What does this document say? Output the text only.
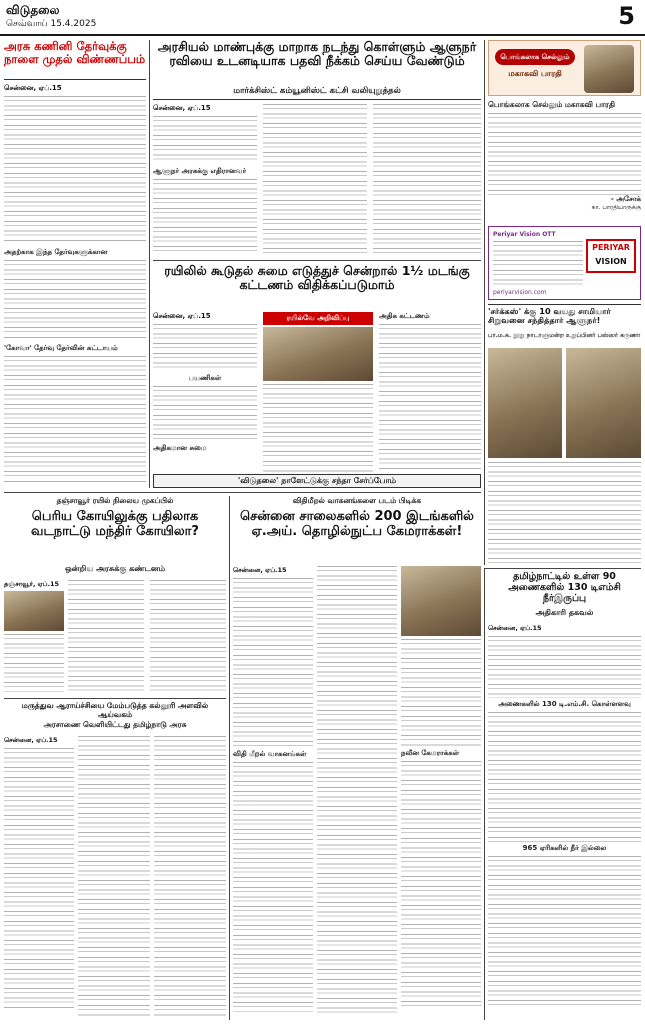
விடுதலை
செவ்வாய் 15.4.2025	5
அரசு கணினி தேர்வுக்கு நாளை முதல் விண்ணப்பம்
சென்னை, ஏப்.15
அதற்காக இந்த தேர்வுகளுக்கான
'கோவா' தேர்வு தேர்வின் கட்டாயம்
அரசியல் மாண்புக்கு மாறாக நடந்து கொள்ளும் ஆளுநர் ரவியை உடனடியாக பதவி நீக்கம் செய்ய வேண்டும்
மார்க்சிஸ்ட் கம்யூனிஸ்ட் கட்சி வலியுறுத்தல்
சென்னை, ஏப்.15
ஆளுநர் அரசுக்கு எதிரானவர்
ரயிலில் கூடுதல் சுமை எடுத்துச் சென்றால் 1½ மடங்கு கட்டணம் விதிக்கப்படுமாம்
சென்னை, ஏப்.15
பயணிகள்
அதிகமான சுமை
ரயில்வே அறிவிப்பு	அதிக கட்டணம்
'விடுதலை' நாளேட்டுக்கு சந்தா சேர்ப்போம்
பொங்கலாக செல்லும்
மகாகவி பாரதி
பொங்கலாக செல்லும் மகாகவி பாரதி
- அசோக்
கா. பாரதியாருக்கு
Periyar Vision OTT
PERIYAR
VISION
periyarvision.com
'சர்க்கஸ்' க்கு 10 வயது சாமியார் சிறுவனை சந்தித்தார் ஆளுநர்!
பா.ம.க. நூறு நாடாளுமன்ற உறுப்பினர் பஸ்ஸர் கருணா
தஞ்சாவூர் ரயில் நிலைய முகப்பில்
பெரிய கோயிலுக்கு பதிலாக வடநாட்டு மந்திர் கோயிலா?
ஒன்றிய அரசுக்கு கண்டனம்
தஞ்சாவூர், ஏப்.15
விதிமீறல் வாகனங்களை படம் பிடிக்க
சென்னை சாலைகளில் 200 இடங்களில் ஏ.அய். தொழில்நுட்ப கேமராக்கள்!
சென்னை, ஏப்.15
விதி மீறல் வாகனங்கள்	நவீன கேமராக்கள்
தமிழ்நாட்டில் உள்ள 90 அணைகளில் 130 டிஎம்சி நீர்இருப்பு
அதிகாரி தகவல்
சென்னை, ஏப்.15
அணைகளில் 130 டி.எம்.சி. கொள்ளளவு
965 ஏரிகளில் நீர் இல்லை
மருத்துவ ஆராய்ச்சியை மேம்படுத்த கல்லூரி அளவில் ஆய்வகம்
அரசாணை வெளியிட்டது தமிழ்நாடு அரசு
சென்னை, ஏப்.15
